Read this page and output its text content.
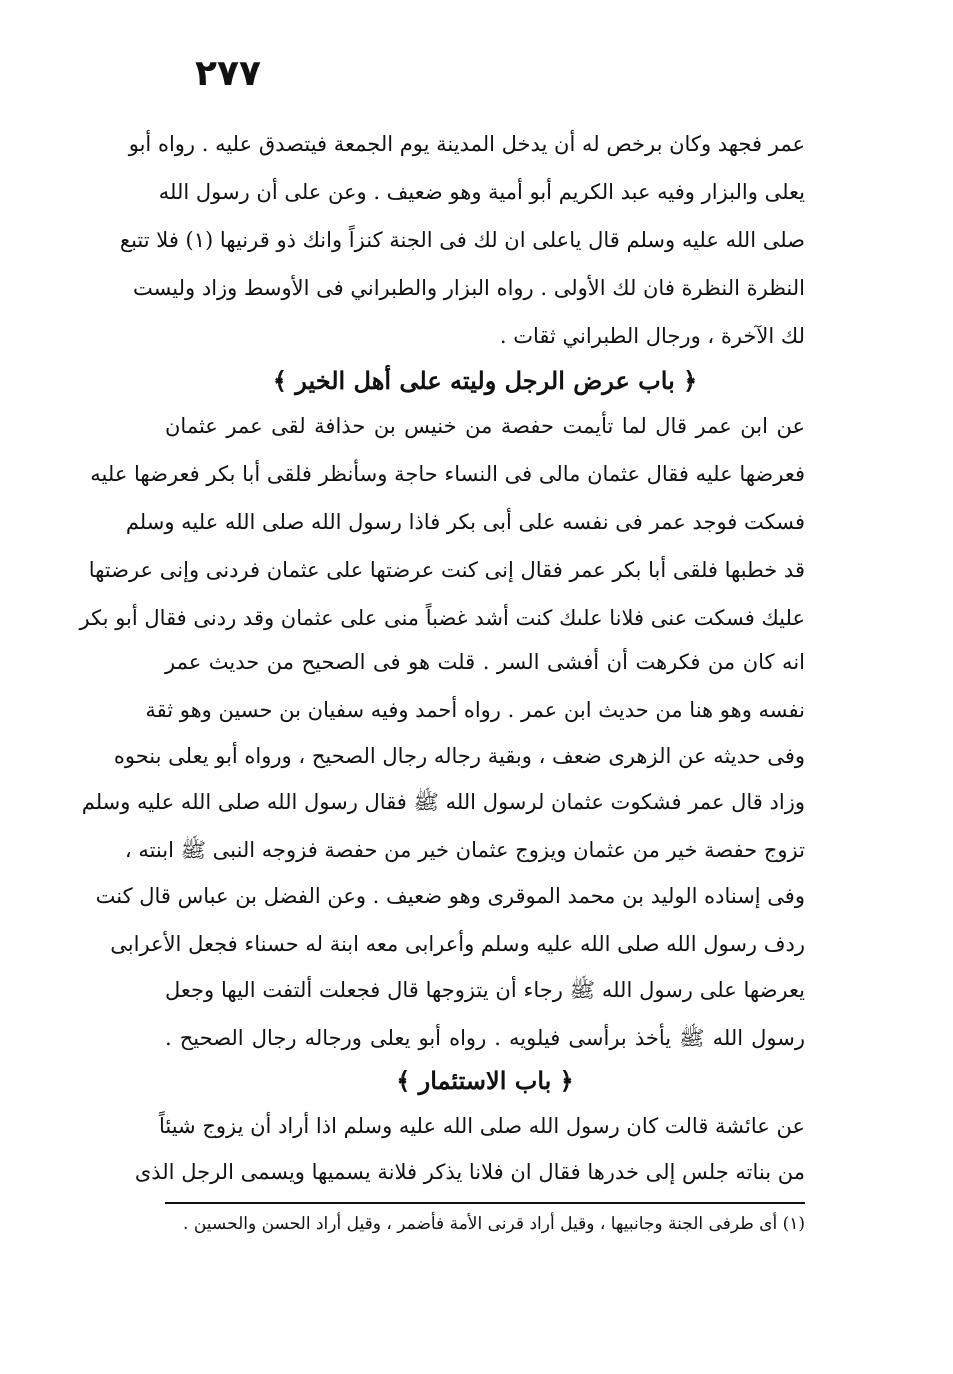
٢٧٧
عمر فجهد وكان برخص له أن يدخل المدينة يوم الجمعة فيتصدق عليه . رواه أبو
يعلى والبزار وفيه عبد الكريم أبو أمية وهو ضعيف . وعن على أن رسول الله
صلى الله عليه وسلم قال ياعلى ان لك فى الجنة كنزاً وانك ذو قرنيها (١) فلا تتبع
النظرة النظرة فان لك الأولى . رواه البزار والطبراني فى الأوسط وزاد وليست
لك الآخرة ، ورجال الطبراني ثقات .
﴿ باب عرض الرجل وليته على أهل الخير ﴾
عن ابن عمر قال لما تأيمت حفصة من خنيس بن حذافة لقى عمر عثمان
فعرضها عليه فقال عثمان مالى فى النساء حاجة وسأنظر فلقى أبا بكر فعرضها عليه
فسكت فوجد عمر فى نفسه على أبى بكر فاذا رسول الله صلى الله عليه وسلم
قد خطبها فلقى أبا بكر عمر فقال إنى كنت عرضتها على عثمان فردنى وإنى عرضتها
عليك فسكت عنى فلانا علىك كنت أشد غضباً منى على عثمان وقد ردنى فقال أبو بكر
انه كان من فكرهت أن أفشى السر . قلت هو فى الصحيح من حديث عمر
نفسه وهو هنا من حديث ابن عمر . رواه أحمد وفيه سفيان بن حسين وهو ثقة
وفى حديثه عن الزهرى ضعف ، وبقية رجاله رجال الصحيح ، ورواه أبو يعلى بنحوه
وزاد قال عمر فشكوت عثمان لرسول الله ﷺ فقال رسول الله صلى الله عليه وسلم
تزوج حفصة خير من عثمان ويزوج عثمان خير من حفصة فزوجه النبى ﷺ ابنته ،
وفى إسناده الوليد بن محمد الموقرى وهو ضعيف . وعن الفضل بن عباس قال كنت
ردف رسول الله صلى الله عليه وسلم وأعرابى معه ابنة له حسناء فجعل الأعرابى
يعرضها على رسول الله ﷺ رجاء أن يتزوجها قال فجعلت ألتفت اليها وجعل
رسول الله ﷺ يأخذ برأسى فيلويه . رواه أبو يعلى ورجاله رجال الصحيح .
﴿ باب الاستئمار ﴾
عن عائشة قالت كان رسول الله صلى الله عليه وسلم اذا أراد أن يزوج شيئاً
من بناته جلس إلى خدرها فقال ان فلانا يذكر فلانة يسميها ويسمى الرجل الذى
(١) أى طرفى الجنة وجانبيها ، وقيل أراد قرنى الأمة فأضمر ، وقيل أراد الحسن والحسين .
